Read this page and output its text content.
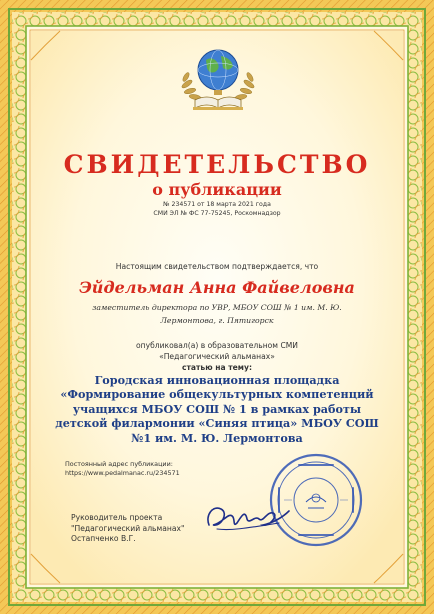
СВИДЕТЕЛЬСТВО
о публикации
№ 234571 от 18 марта 2021 года
СМИ ЭЛ № ФС 77-75245, Роскомнадзор
Настоящим свидетельством подтверждается, что
Эйдельман Анна Файвеловна
заместитель директора по УВР, МБОУ СОШ № 1 им. М. Ю. Лермонтова, г. Пятигорск
опубликовал(а) в образовательном СМИ
«Педагогический альманах»
статью на тему:
Городская инновационная площадка «Формирование общекультурных компетенций учащихся МБОУ СОШ № 1 в рамках работы детской филармонии «Синяя птица» МБОУ СОШ №1 им. М. Ю. Лермонтова
Постоянный адрес публикации:
https://www.pedalmanac.ru/234571
Руководитель проекта
"Педагогический альманах"
Остапченко В.Г.
